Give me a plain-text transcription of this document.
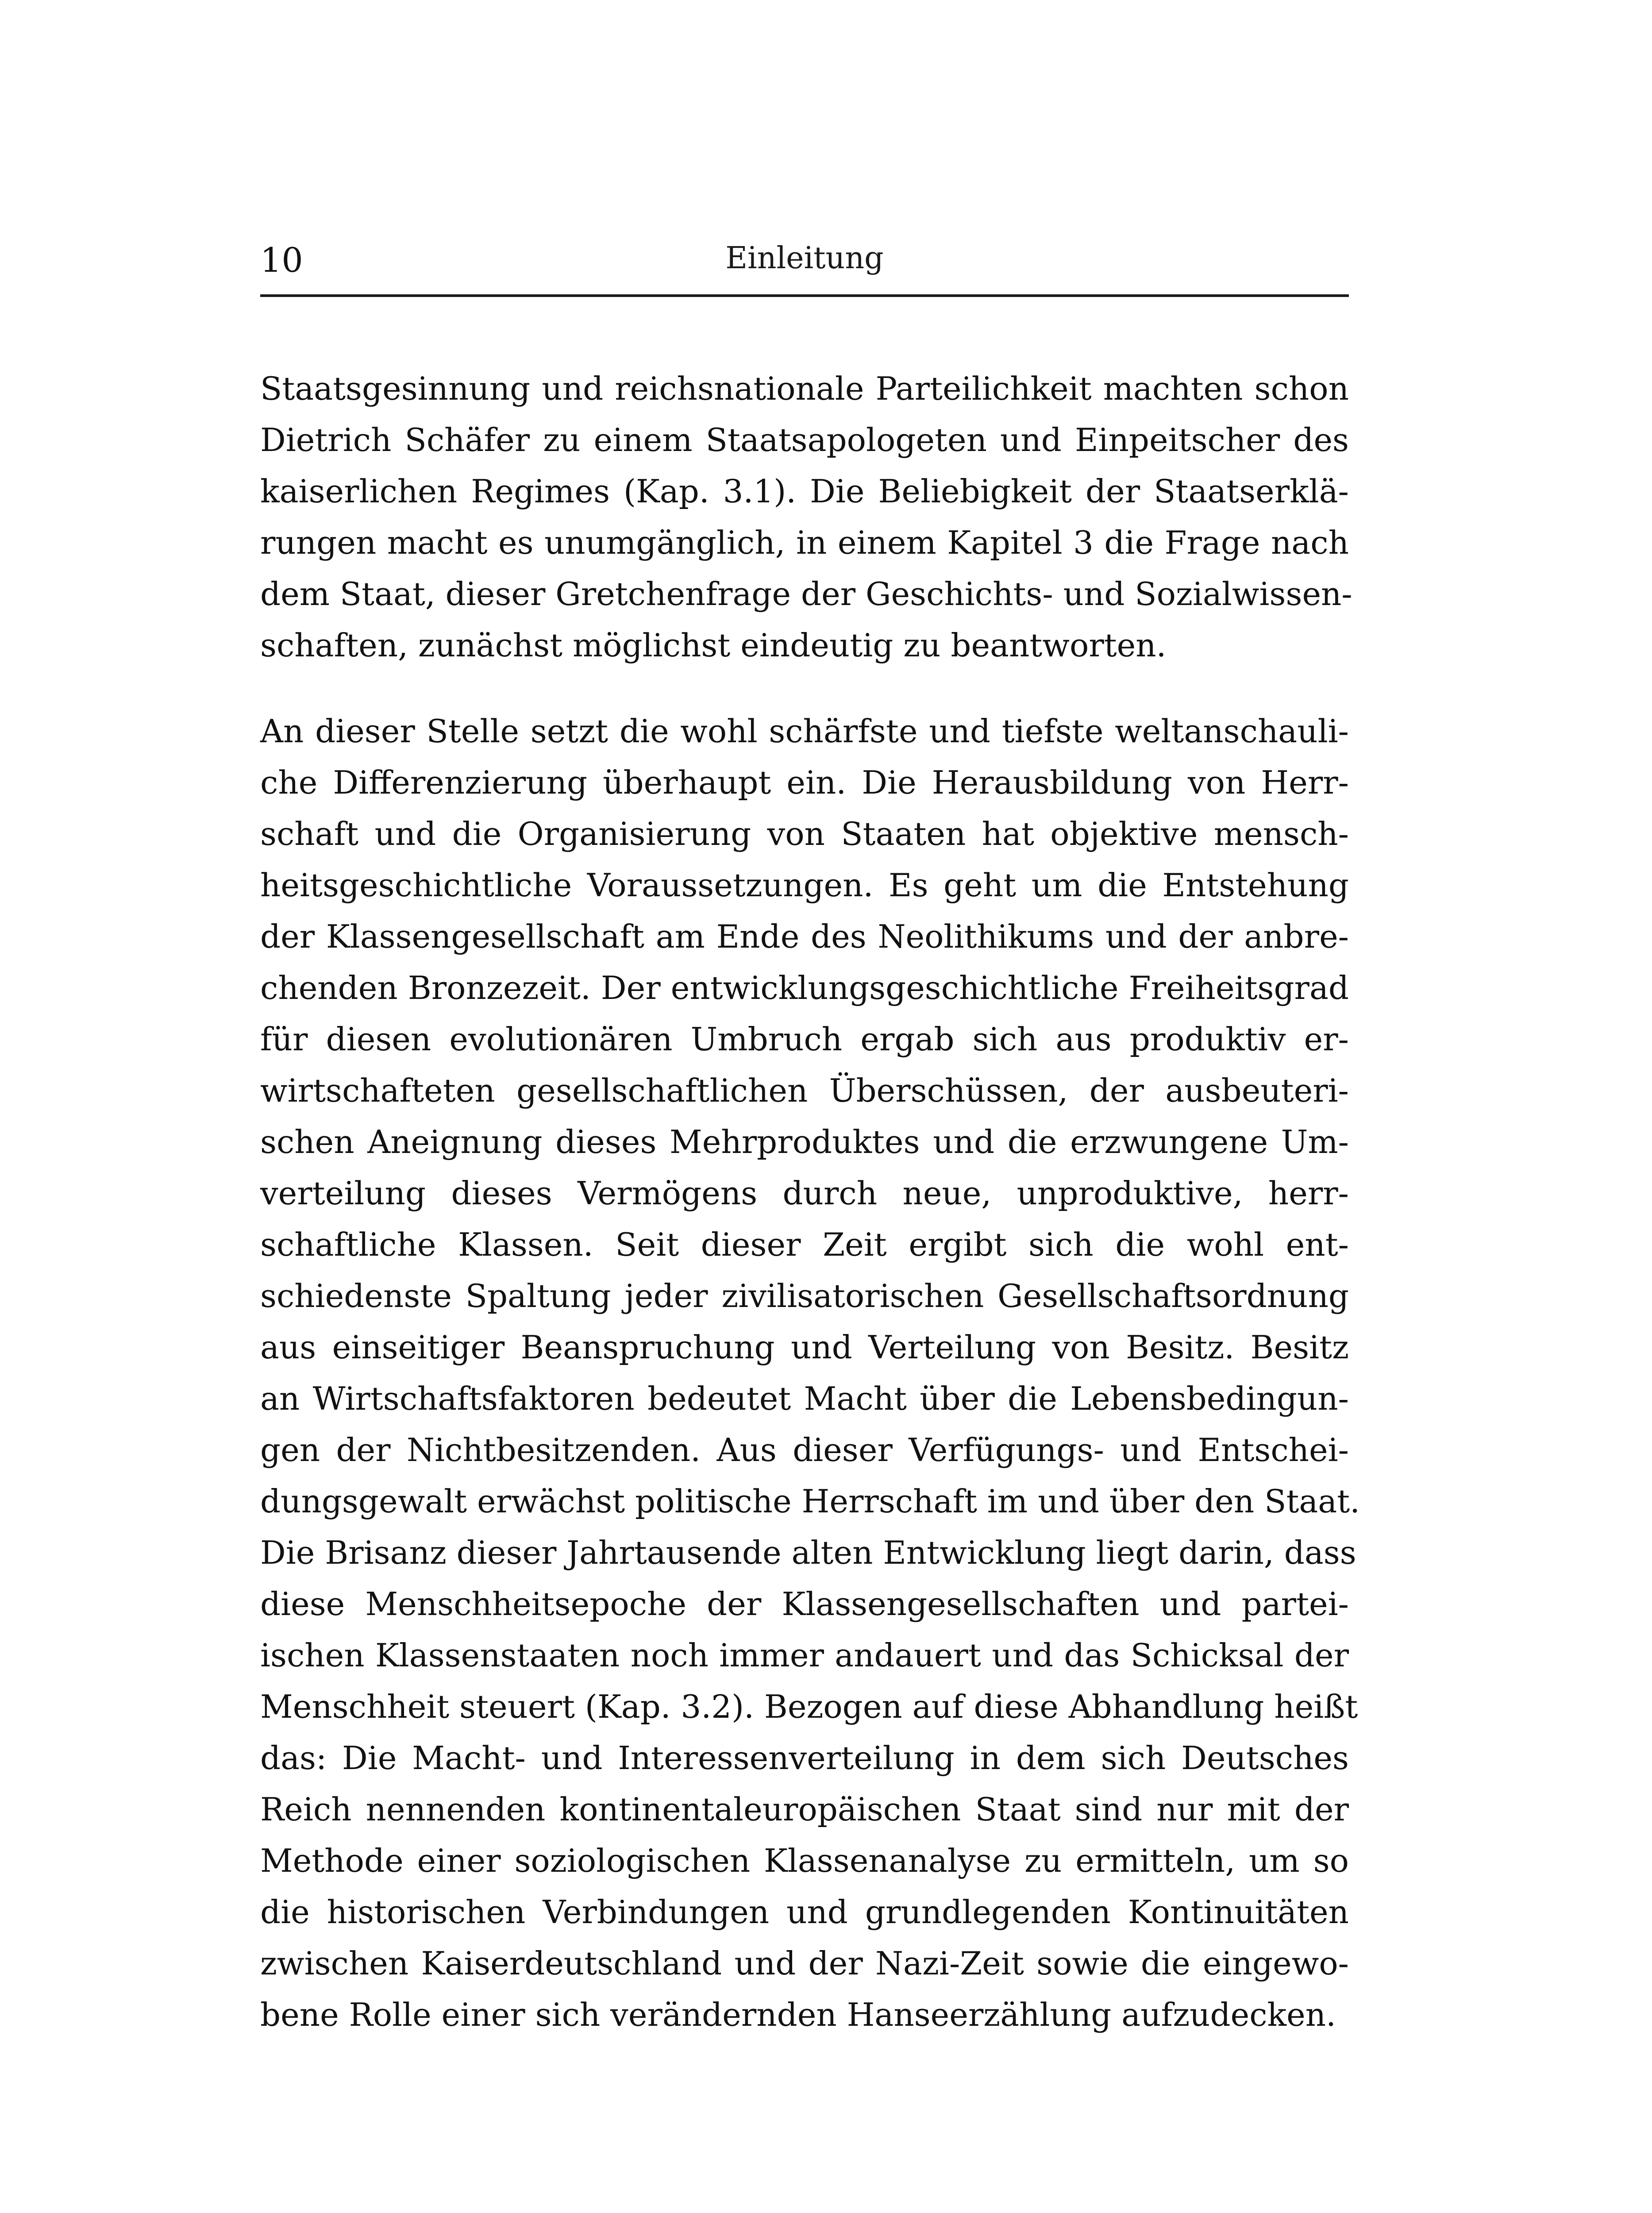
10	Einleitung
Staatsgesinnung und reichsnationale Parteilichkeit machten schon
Dietrich Schäfer zu einem Staatsapologeten und Einpeitscher des
kaiserlichen Regimes (Kap. 3.1). Die Beliebigkeit der Staatserklä-
rungen macht es unumgänglich, in einem Kapitel 3 die Frage nach
dem Staat, dieser Gretchenfrage der Geschichts- und Sozialwissen-
schaften, zunächst möglichst eindeutig zu beantworten.
An dieser Stelle setzt die wohl schärfste und tiefste weltanschauli-
che Differenzierung überhaupt ein. Die Herausbildung von Herr-
schaft und die Organisierung von Staaten hat objektive mensch-
heitsgeschichtliche Voraussetzungen. Es geht um die Entstehung
der Klassengesellschaft am Ende des Neolithikums und der anbre-
chenden Bronzezeit. Der entwicklungsgeschichtliche Freiheitsgrad
für diesen evolutionären Umbruch ergab sich aus produktiv er-
wirtschafteten gesellschaftlichen Überschüssen, der ausbeuteri-
schen Aneignung dieses Mehrproduktes und die erzwungene Um-
verteilung dieses Vermögens durch neue, unproduktive, herr-
schaftliche Klassen. Seit dieser Zeit ergibt sich die wohl ent-
schiedenste Spaltung jeder zivilisatorischen Gesellschaftsordnung
aus einseitiger Beanspruchung und Verteilung von Besitz. Besitz
an Wirtschaftsfaktoren bedeutet Macht über die Lebensbedingun-
gen der Nichtbesitzenden. Aus dieser Verfügungs- und Entschei-
dungsgewalt erwächst politische Herrschaft im und über den Staat.
Die Brisanz dieser Jahrtausende alten Entwicklung liegt darin, dass
diese Menschheitsepoche der Klassengesellschaften und partei-
ischen Klassenstaaten noch immer andauert und das Schicksal der
Menschheit steuert (Kap. 3.2). Bezogen auf diese Abhandlung heißt
das: Die Macht- und Interessenverteilung in dem sich Deutsches
Reich nennenden kontinentaleuropäischen Staat sind nur mit der
Methode einer soziologischen Klassenanalyse zu ermitteln, um so
die historischen Verbindungen und grundlegenden Kontinuitäten
zwischen Kaiserdeutschland und der Nazi-Zeit sowie die eingewo-
bene Rolle einer sich verändernden Hanseerzählung aufzudecken.
